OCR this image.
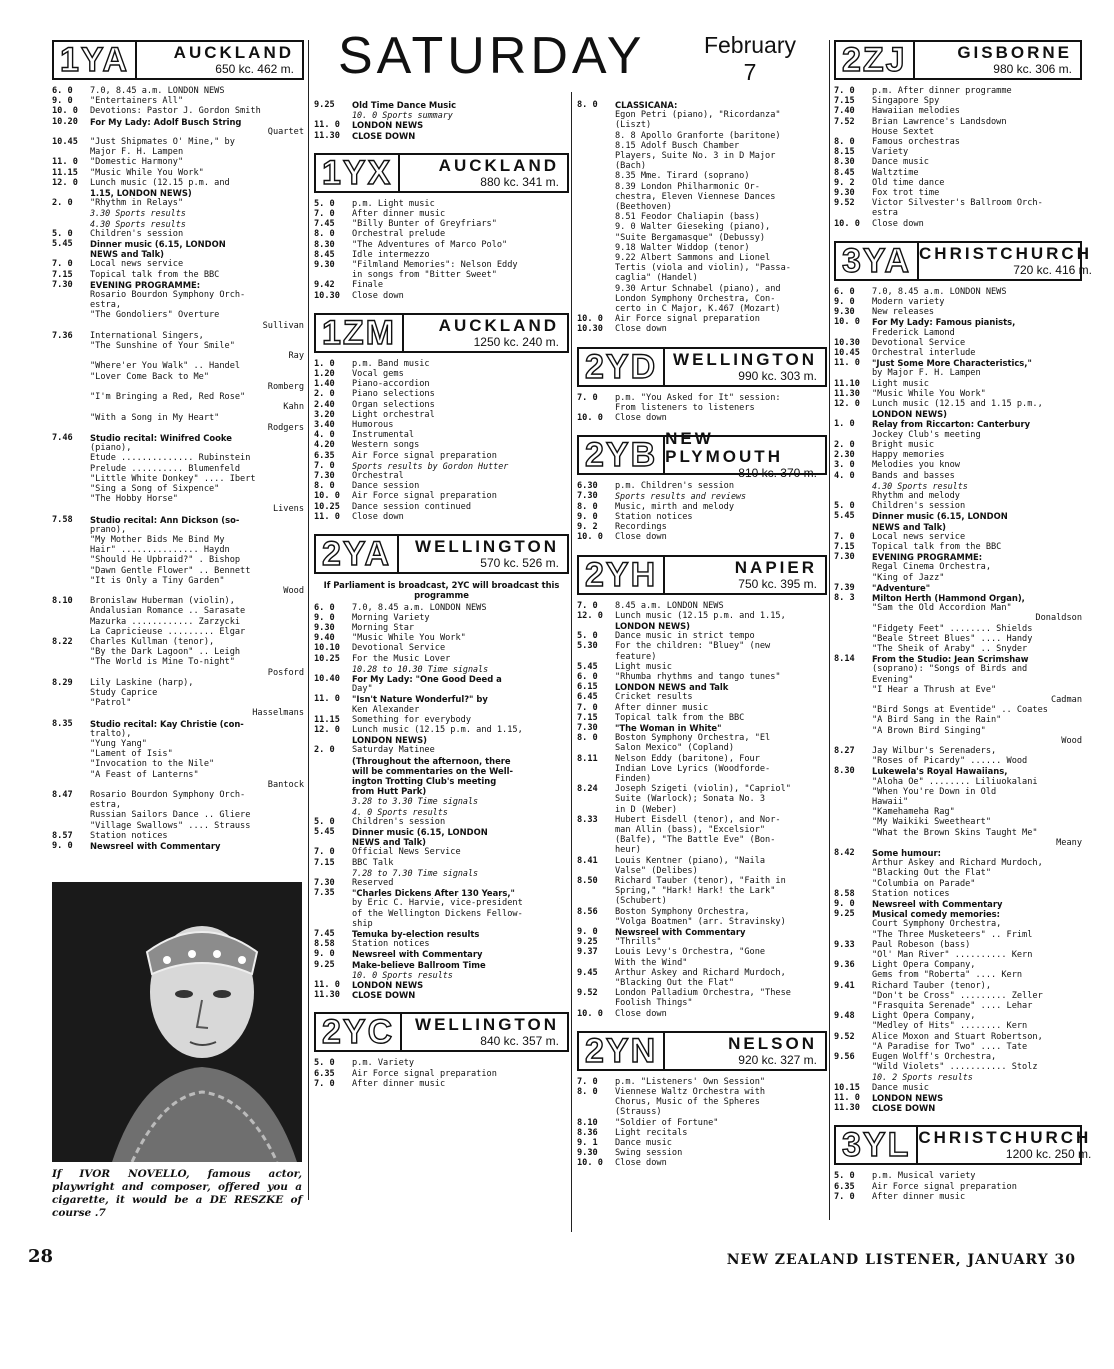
SATURDAY	February
7
1YA	AUCKLAND
650 kc. 462 m.
6. 0	7.0, 8.45 a.m. LONDON NEWS
9. 0	"Entertainers All"
10. 0	Devotions: Pastor J. Gordon Smith
10.20	For My Lady: Adolf Busch String
Quartet
10.45	"Just Shipmates O' Mine," by
Major F. H. Lampen
11. 0	"Domestic Harmony"
11.15	"Music While You Work"
12. 0	Lunch music (12.15 p.m. and
1.15, LONDON NEWS)
2. 0	"Rhythm in Relays"
3.30 Sports results
4.30 Sports results
5. 0	Children's session
5.45	Dinner music (6.15, LONDON
NEWS and Talk)
7. 0	Local news service
7.15	Topical talk from the BBC
7.30	EVENING PROGRAMME:
Rosario Bourdon Symphony Orch-
estra,
"The Gondoliers" Overture
Sullivan
7.36	International Singers,
"The Sunshine of Your Smile"
Ray
"Where'er You Walk" .. Handel
"Lover Come Back to Me"
Romberg
"I'm Bringing a Red, Red Rose"
Kahn
"With a Song in My Heart"
Rodgers
7.46	Studio recital: Winifred Cooke
(piano),
Etude .............. Rubinstein
Prelude .......... Blumenfeld
"Little White Donkey" .... Ibert
"Sing a Song of Sixpence"
"The Hobby Horse"
Livens
7.58	Studio recital: Ann Dickson (so-
prano),
"My Mother Bids Me Bind My
Hair" ............... Haydn
"Should He Upbraid?" . Bishop
"Dawn Gentle Flower" .. Bennett
"It is Only a Tiny Garden"
Wood
8.10	Bronislaw Huberman (violin),
Andalusian Romance .. Sarasate
Mazurka ............ Zarzycki
La Capricieuse ......... Elgar
8.22	Charles Kullman (tenor),
"By the Dark Lagoon" .. Leigh
"The World is Mine To-night"
Posford
8.29	Lily Laskine (harp),
Study Caprice
"Patrol"
Hasselmans
8.35	Studio recital: Kay Christie (con-
tralto),
"Yung Yang"
"Lament of Isis"
"Invocation to the Nile"
"A Feast of Lanterns"
Bantock
8.47	Rosario Bourdon Symphony Orch-
estra,
Russian Sailors Dance .. Gliere
"Village Swallows" .... Strauss
8.57	Station notices
9. 0	Newsreel with Commentary
If IVOR NOVELLO, famous actor, playwright and composer, offered you a cigarette, it would be a DE RESZKE of course .7
9.25	Old Time Dance Music
10. 0 Sports summary
11. 0	LONDON NEWS
11.30	CLOSE DOWN
1YX	AUCKLAND
880 kc. 341 m.
5. 0	p.m. Light music
7. 0	After dinner music
7.45	"Billy Bunter of Greyfriars"
8. 0	Orchestral prelude
8.30	"The Adventures of Marco Polo"
8.45	Idle intermezzo
9.30	"Filmland Memories": Nelson Eddy
in songs from "Bitter Sweet"
9.42	Finale
10.30	Close down
1ZM	AUCKLAND
1250 kc. 240 m.
1. 0	p.m. Band music
1.20	Vocal gems
1.40	Piano-accordion
2. 0	Piano selections
2.40	Organ selections
3.20	Light orchestral
3.40	Humorous
4. 0	Instrumental
4.20	Western songs
6.35	Air Force signal preparation
7. 0	Sports results by Gordon Hutter
7.30	Orchestral
8. 0	Dance session
10. 0	Air Force signal preparation
10.25	Dance session continued
11. 0	Close down
2YA	WELLINGTON
570 kc. 526 m.
If Parliament is broadcast, 2YC will broadcast this programme
6. 0	7.0, 8.45 a.m. LONDON NEWS
9. 0	Morning Variety
9.30	Morning Star
9.40	"Music While You Work"
10.10	Devotional Service
10.25	For the Music Lover
10.28 to 10.30 Time signals
10.40	For My Lady: "One Good Deed a
Day"
11. 0	"Isn't Nature Wonderful?" by
Ken Alexander
11.15	Something for everybody
12. 0	Lunch music (12.15 p.m. and 1.15,
LONDON NEWS)
2. 0	Saturday Matinee
(Throughout the afternoon, there
will be commentaries on the Well-
ington Trotting Club's meeting
from Hutt Park)
3.28 to 3.30 Time signals
4. 0 Sports results
5. 0	Children's session
5.45	Dinner music (6.15, LONDON
NEWS and Talk)
7. 0	Official News Service
7.15	BBC Talk
7.28 to 7.30 Time signals
7.30	Reserved
7.35	"Charles Dickens After 130 Years,"
by Eric C. Harvie, vice-president
of the Wellington Dickens Fellow-
ship
7.45	Temuka by-election results
8.58	Station notices
9. 0	Newsreel with Commentary
9.25	Make-believe Ballroom Time
10. 0 Sports results
11. 0	LONDON NEWS
11.30	CLOSE DOWN
2YC	WELLINGTON
840 kc. 357 m.
5. 0	p.m. Variety
6.35	Air Force signal preparation
7. 0	After dinner music
8. 0	CLASSICANA:
Egon Petri (piano), "Ricordanza"
(Liszt)
8. 8 Apollo Granforte (baritone)
8.15 Adolf Busch Chamber
Players, Suite No. 3 in D Major
(Bach)
8.35 Mme. Tirard (soprano)
8.39 London Philharmonic Or-
chestra, Eleven Viennese Dances
(Beethoven)
8.51 Feodor Chaliapin (bass)
9. 0 Walter Gieseking (piano),
"Suite Bergamasque" (Debussy)
9.18 Walter Widdop (tenor)
9.22 Albert Sammons and Lionel
Tertis (viola and violin), "Passa-
caglia" (Handel)
9.30 Artur Schnabel (piano), and
London Symphony Orchestra, Con-
certo in C Major, K.467 (Mozart)
10. 0	Air Force signal preparation
10.30	Close down
2YD WELLINGTON
990 kc. 303 m.
7. 0	p.m. "You Asked for It" session:
From listeners to listeners
10. 0	Close down
2YB NEW PLYMOUTH
810 kc. 370 m.
6.30	p.m. Children's session
7.30	Sports results and reviews
8. 0	Music, mirth and melody
9. 0	Station notices
9. 2	Recordings
10. 0	Close down
2YH	NAPIER
750 kc. 395 m.
7. 0	8.45 a.m. LONDON NEWS
12. 0	Lunch music (12.15 p.m. and 1.15,
LONDON NEWS)
5. 0	Dance music in strict tempo
5.30	For the children: "Bluey" (new
feature)
5.45	Light music
6. 0	"Rhumba rhythms and tango tunes"
6.15	LONDON NEWS and Talk
6.45	Cricket results
7. 0	After dinner music
7.15	Topical talk from the BBC
7.30	"The Woman in White"
8. 0	Boston Symphony Orchestra, "El
Salon Mexico" (Copland)
8.11	Nelson Eddy (baritone), Four
Indian Love Lyrics (Woodforde-
Finden)
8.24	Joseph Szigeti (violin), "Capriol"
Suite (Warlock); Sonata No. 3
in D (Weber)
8.33	Hubert Eisdell (tenor), and Nor-
man Allin (bass), "Excelsior"
(Balfe), "The Battle Eve" (Bon-
heur)
8.41	Louis Kentner (piano), "Naila
Valse" (Delibes)
8.50	Richard Tauber (tenor), "Faith in
Spring," "Hark! Hark! the Lark"
(Schubert)
8.56	Boston Symphony Orchestra,
"Volga Boatmen" (arr. Stravinsky)
9. 0	Newsreel with Commentary
9.25	"Thrills"
9.37	Louis Levy's Orchestra, "Gone
With the Wind"
9.45	Arthur Askey and Richard Murdoch,
"Blacking Out the Flat"
9.52	London Palladium Orchestra, "These
Foolish Things"
10. 0	Close down
2YN	NELSON
920 kc. 327 m.
7. 0	p.m. "Listeners' Own Session"
8. 0	Viennese Waltz Orchestra with
Chorus, Music of the Spheres
(Strauss)
8.10	"Soldier of Fortune"
8.36	Light recitals
9. 1	Dance music
9.30	Swing session
10. 0	Close down
2ZJ	GISBORNE
980 kc. 306 m.
7. 0	p.m. After dinner programme
7.15	Singapore Spy
7.40	Hawaiian melodies
7.52	Brian Lawrence's Landsdown
House Sextet
8. 0	Famous orchestras
8.15	Variety
8.30	Dance music
8.45	Waltztime
9. 2	Old time dance
9.30	Fox trot time
9.52	Victor Silvester's Ballroom Orch-
estra
10. 0	Close down
3YA CHRISTCHURCH
720 kc. 416 m.
6. 0	7.0, 8.45 a.m. LONDON NEWS
9. 0	Modern variety
9.30	New releases
10. 0	For My Lady: Famous pianists,
Frederick Lamond
10.30	Devotional Service
10.45	Orchestral interlude
11. 0	"Just Some More Characteristics,"
by Major F. H. Lampen
11.10	Light music
11.30	"Music While You Work"
12. 0	Lunch music (12.15 and 1.15 p.m.,
LONDON NEWS)
1. 0	Relay from Riccarton: Canterbury
Jockey Club's meeting
2. 0	Bright music
2.30	Happy memories
3. 0	Melodies you know
4. 0	Bands and basses
4.30 Sports results
Rhythm and melody
5. 0	Children's session
5.45	Dinner music (6.15, LONDON
NEWS and Talk)
7. 0	Local news service
7.15	Topical talk from the BBC
7.30	EVENING PROGRAMME:
Regal Cinema Orchestra,
"King of Jazz"
7.39	"Adventure"
8. 3	Milton Herth (Hammond Organ),
"Sam the Old Accordion Man"
Donaldson
"Fidgety Feet" ........ Shields
"Beale Street Blues" .... Handy
"The Sheik of Araby" .. Snyder
8.14	From the Studio: Jean Scrimshaw
(soprano): "Songs of Birds and
Evening"
"I Hear a Thrush at Eve"
Cadman
"Bird Songs at Eventide" .. Coates
"A Bird Sang in the Rain"
"A Brown Bird Singing"
Wood
8.27	Jay Wilbur's Serenaders,
"Roses of Picardy" ...... Wood
8.30	Lukewela's Royal Hawaiians,
"Aloha Oe" ........ Liliuokalani
"When You're Down in Old
Hawaii"
"Kamehameha Rag"
"My Waikiki Sweetheart"
"What the Brown Skins Taught Me"
Meany
8.42	Some humour:
Arthur Askey and Richard Murdoch,
"Blacking Out the Flat"
"Columbia on Parade"
8.58	Station notices
9. 0	Newsreel with Commentary
9.25	Musical comedy memories:
Court Symphony Orchestra,
"The Three Musketeers" .. Friml
9.33	Paul Robeson (bass)
"Ol' Man River" .......... Kern
9.36	Light Opera Company,
Gems from "Roberta" .... Kern
9.41	Richard Tauber (tenor),
"Don't be Cross" ......... Zeller
"Frasquita Serenade" .... Lehar
9.48	Light Opera Company,
"Medley of Hits" ........ Kern
9.52	Alice Moxon and Stuart Robertson,
"A Paradise for Two" .... Tate
9.56	Eugen Wolff's Orchestra,
"Wild Violets" ........... Stolz
10. 2 Sports results
10.15	Dance music
11. 0	LONDON NEWS
11.30	CLOSE DOWN
3YL CHRISTCHURCH
1200 kc. 250 m.
5. 0	p.m. Musical variety
6.35	Air Force signal preparation
7. 0	After dinner music
28	NEW ZEALAND LISTENER, JANUARY 30
